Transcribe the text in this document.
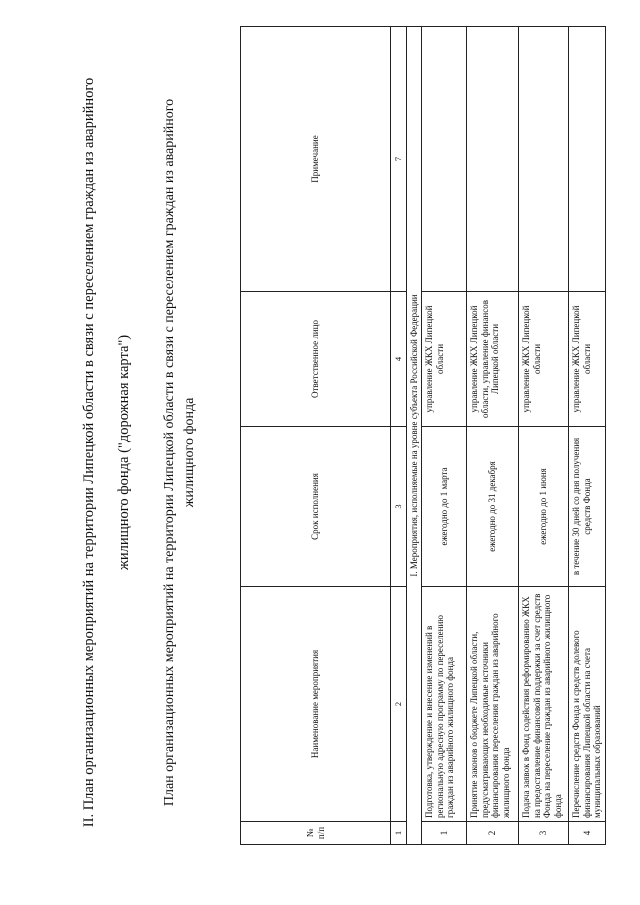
II. План организационных мероприятий на территории Липецкой области в связи с переселением граждан из аварийного	жилищного фонда ("дорожная карта")	План организационных мероприятий на территории Липецкой области в связи с переселением граждан из аварийного жилищного фонда
№ п/п	Наименование мероприятия	Срок исполнения	Ответственное лицо	Примечание
1	2	3	4	7
I. Мероприятия, исполняемые на уровне субъекта Российской Федерации				
1	Подготовка, утверждение и внесение изменений в региональную адресную программу по переселению граждан из аварийного жилищного фонда	ежегодно до 1 марта	управление ЖКХ Липецкой области	
2	Принятие законов о бюджете Липецкой области, предусматривающих необходимые источники финансирования переселения граждан из аварийного жилищного фонда	ежегодно до 31 декабря	управление ЖКХ Липецкой области, управление финансов Липецкой области	
3	Подача заявок в Фонд содействия реформированию ЖКХ на предоставление финансовой поддержки за счет средств Фонда на переселение граждан из аварийного жилищного фонда	ежегодно до 1 июня	управление ЖКХ Липецкой области	
4	Перечисление средств Фонда и средств долевого финансирования Липецкой области на счета муниципальных образований	в течение 30 дней со дня получения средств Фонда	управление ЖКХ Липецкой области	
